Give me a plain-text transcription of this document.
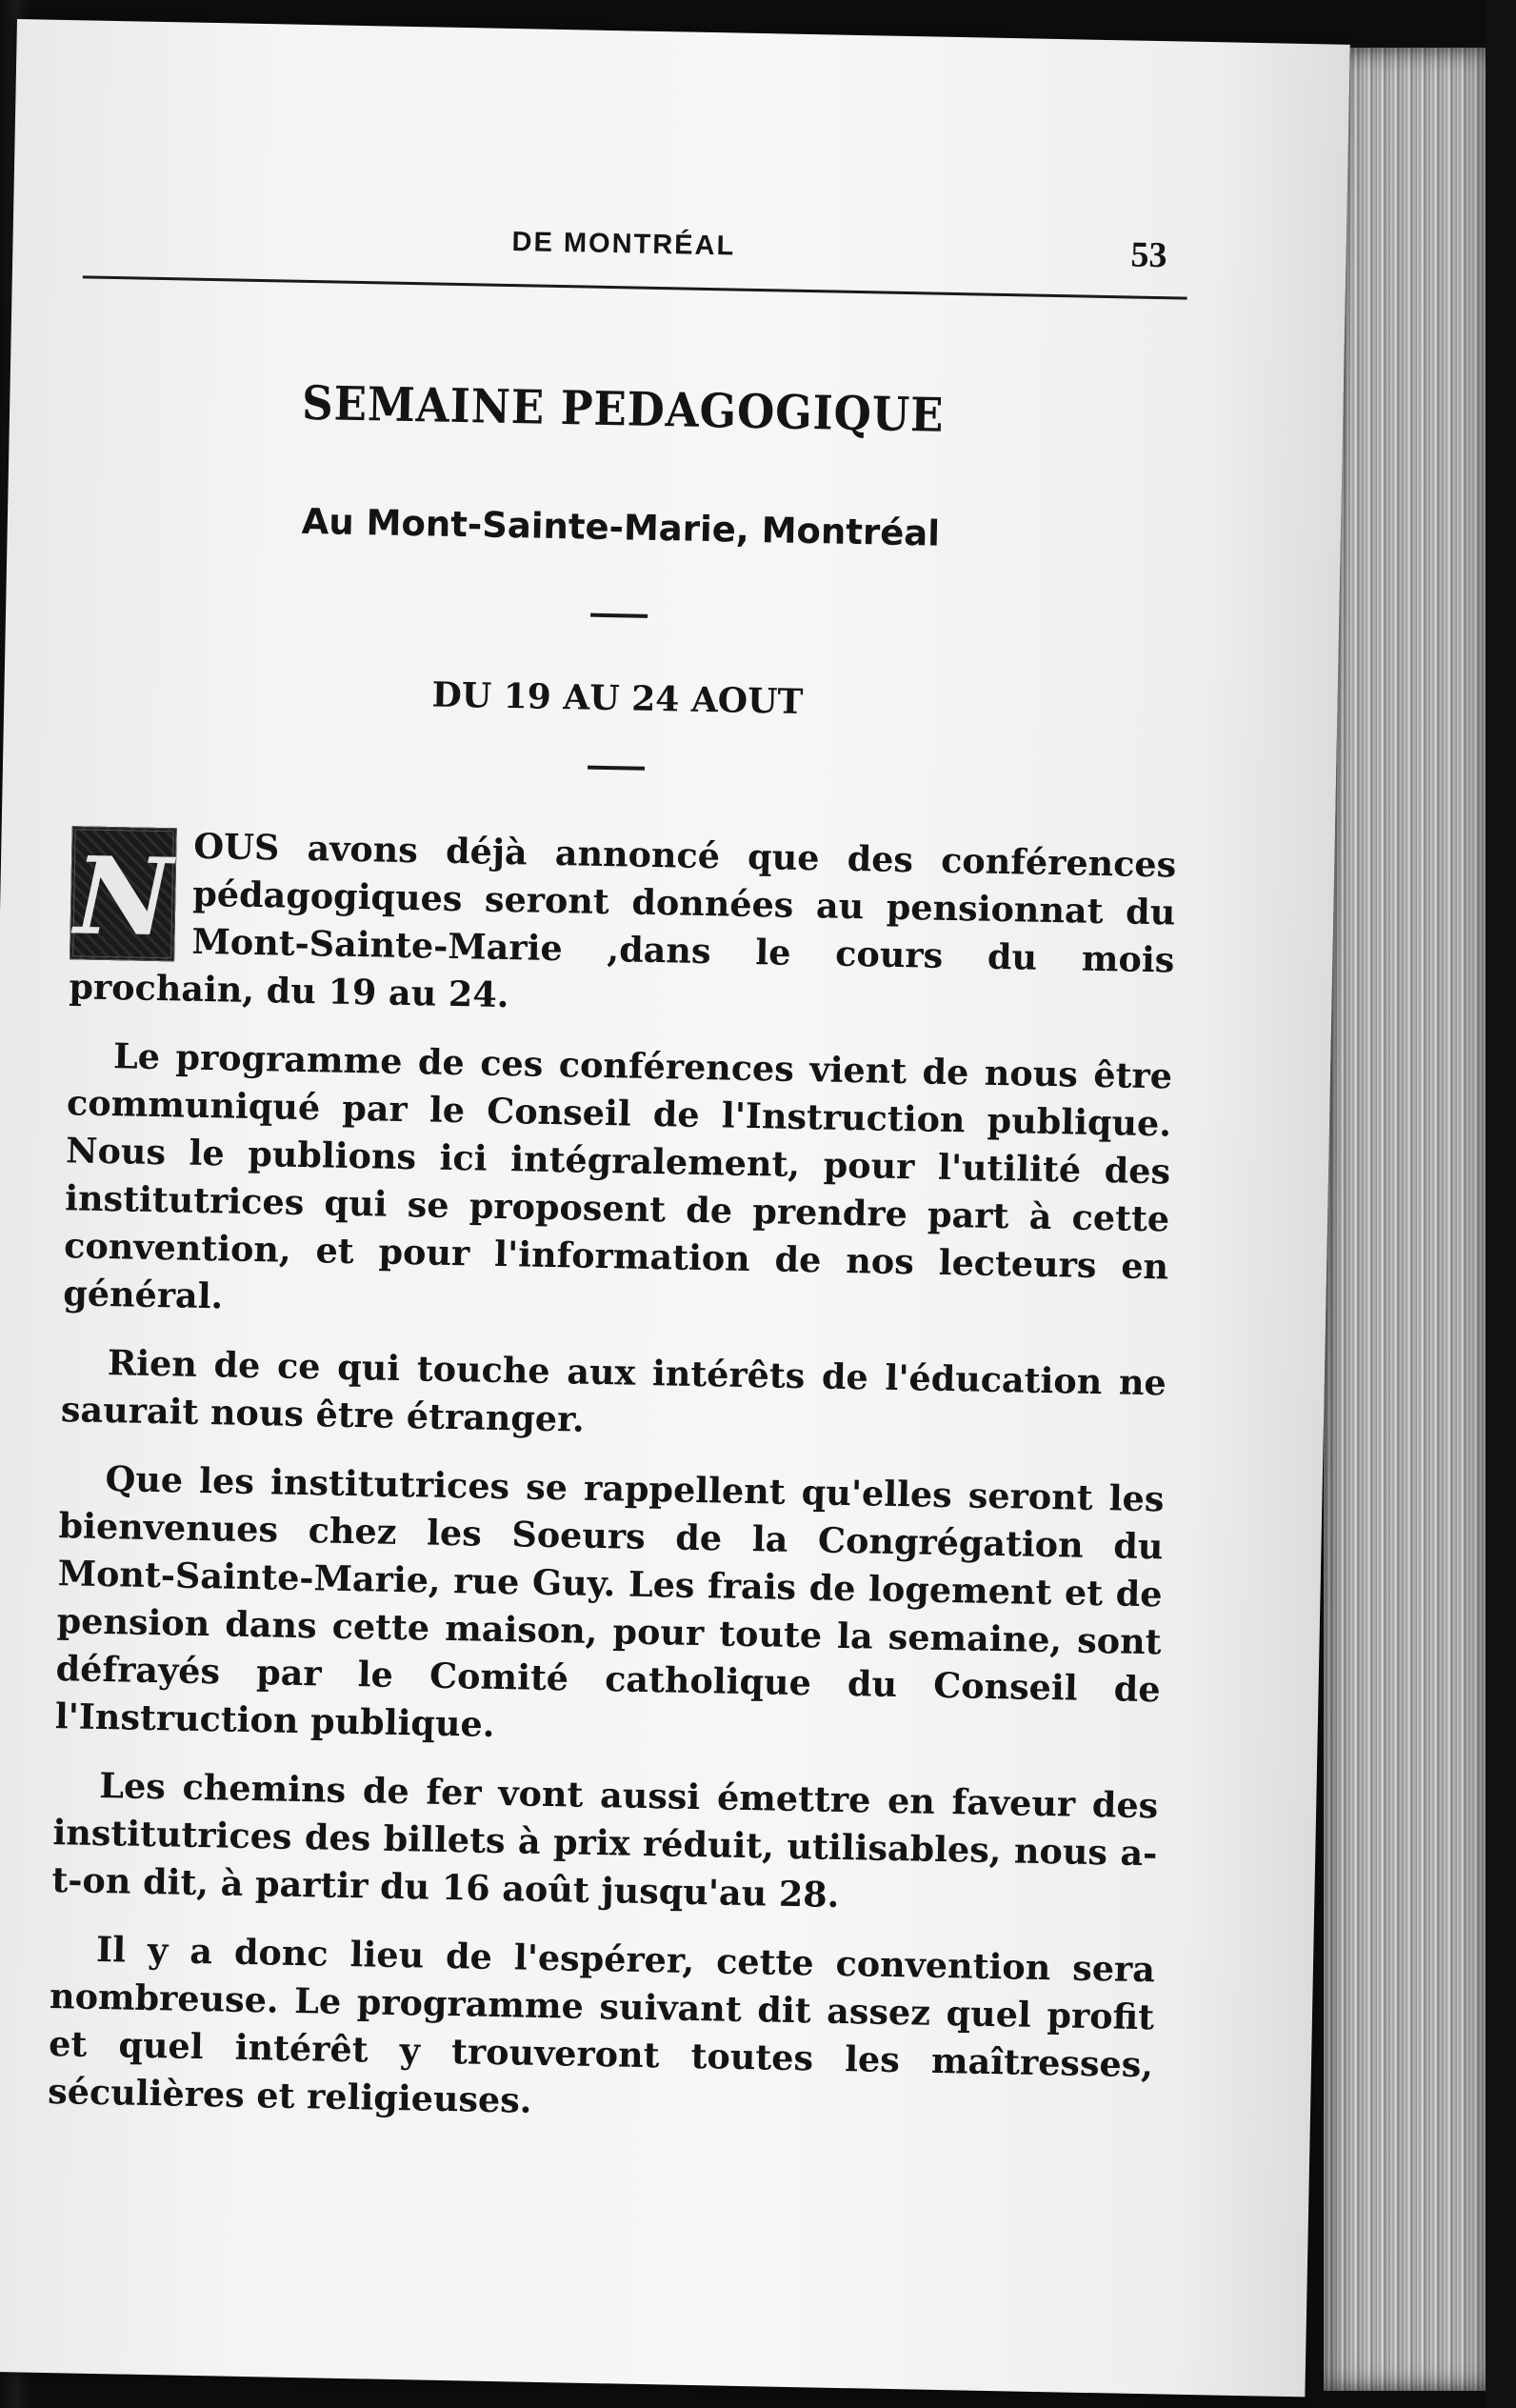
DE MONTRÉAL	53
SEMAINE PEDAGOGIQUE
Au Mont-Sainte-Marie, Montréal
DU 19 AU 24 AOUT

N OUS avons déjà annoncé que des conférences pédagogiques seront données au pensionnat du Mont-Sainte-Marie ,dans le cours du mois prochain, du 19 au 24.

Le programme de ces conférences vient de nous être communiqué par le Conseil de l'Instruction publique. Nous le publions ici intégralement, pour l'utilité des institutrices qui se proposent de prendre part à cette convention, et pour l'information de nos lecteurs en général.

Rien de ce qui touche aux intérêts de l'éducation ne saurait nous être étranger.

Que les institutrices se rappellent qu'elles seront les bienvenues chez les Soeurs de la Congrégation du Mont-Sainte-Marie, rue Guy. Les frais de logement et de pension dans cette maison, pour toute la semaine, sont défrayés par le Comité catholique du Conseil de l'Instruction publique.

Les chemins de fer vont aussi émettre en faveur des institutrices des billets à prix réduit, utilisables, nous a-t-on dit, à partir du 16 août jusqu'au 28.

Il y a donc lieu de l'espérer, cette convention sera nombreuse. Le programme suivant dit assez quel profit et quel intérêt y trouveront toutes les maîtresses, séculières et religieuses.
